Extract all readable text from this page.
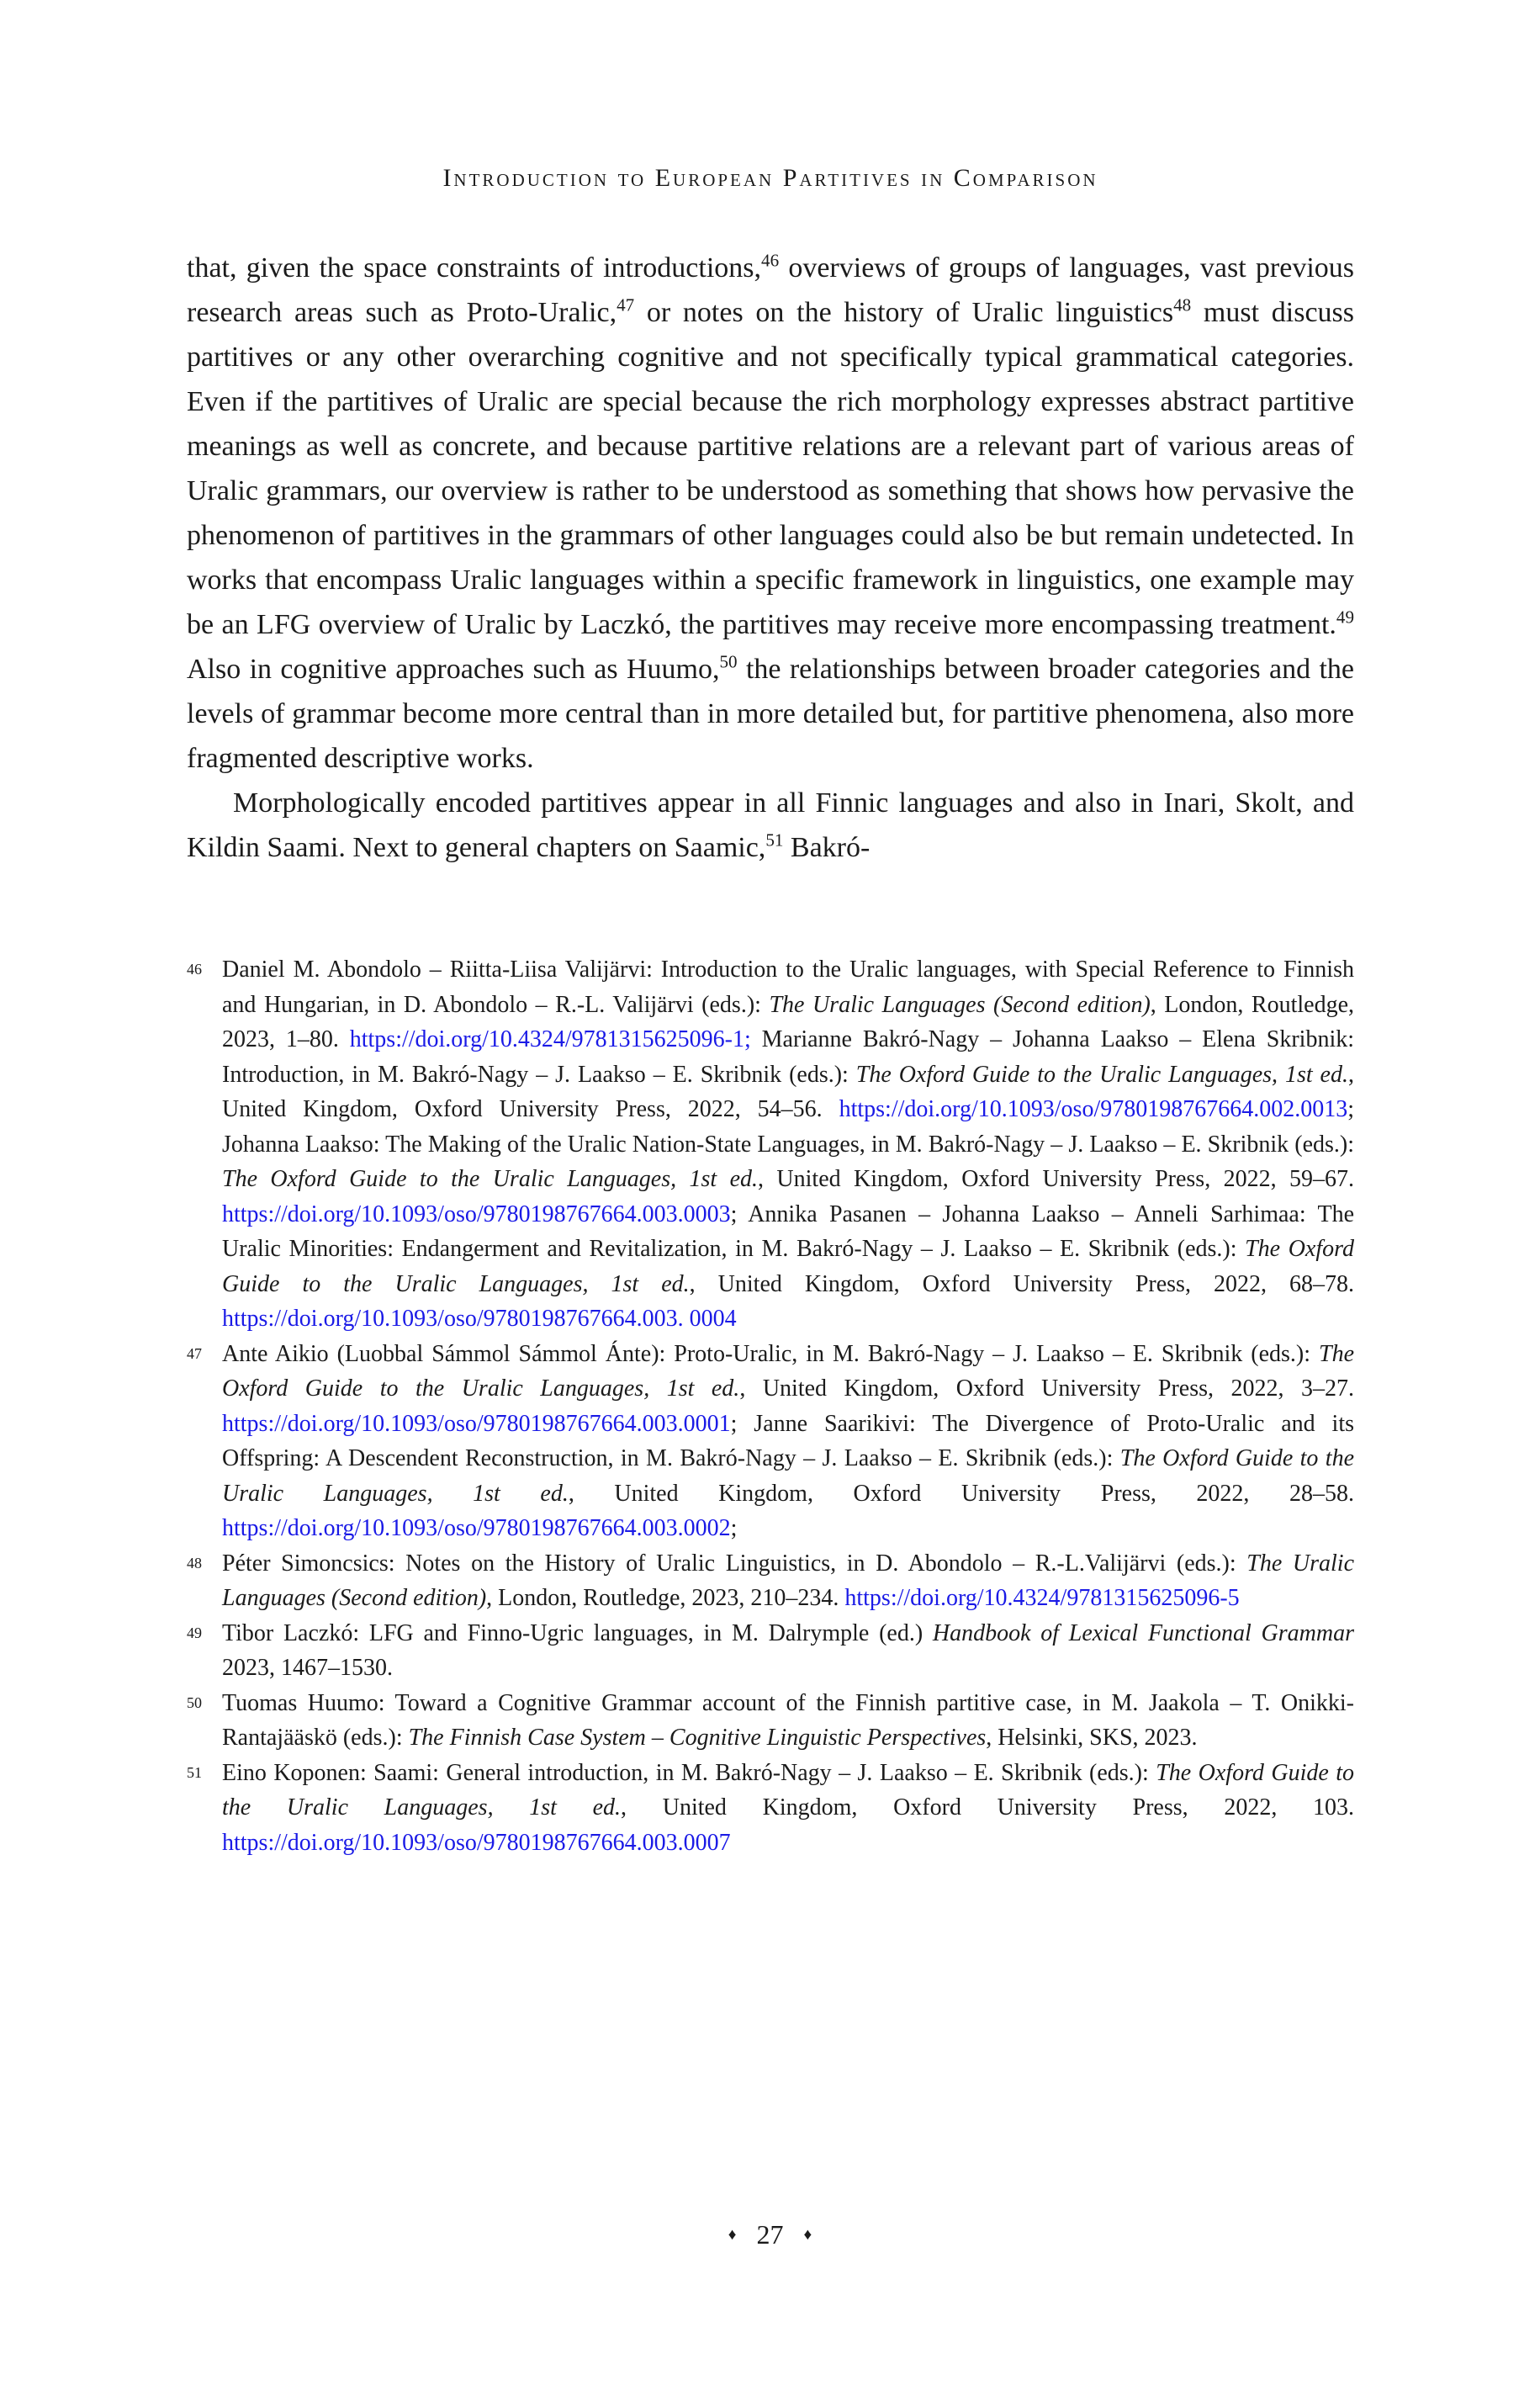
Introduction to European Partitives in Comparison

that, given the space constraints of introductions,$^{46}$ overviews of groups of languages, vast previous research areas such as Proto-Uralic,$^{47}$ or notes on the history of Uralic linguistics$^{48}$ must discuss partitives or any other overarching cognitive and not specifically typical grammatical categories. Even if the partitives of Uralic are special because the rich morphology expresses abstract partitive meanings as well as concrete, and because partitive relations are a relevant part of various areas of Uralic grammars, our overview is rather to be understood as something that shows how pervasive the phenomenon of partitives in the grammars of other languages could also be but remain undetected. In works that encompass Uralic languages within a specific framework in linguistics, one example may be an LFG overview of Uralic by Laczkó, the partitives may receive more encompassing treatment.$^{49}$ Also in cognitive approaches such as Huumo,$^{50}$ the relationships between broader categories and the levels of grammar become more central than in more detailed but, for partitive phenomena, also more fragmented descriptive works.

Morphologically encoded partitives appear in all Finnic languages and also in Inari, Skolt, and Kildin Saami. Next to general chapters on Saamic,$^{51}$ Bakró-

46 Daniel M. Abondolo – Riitta-Liisa Valijärvi: Introduction to the Uralic languages, with Special Reference to Finnish and Hungarian, in D. Abondolo – R.-L. Valijärvi (eds.): The Uralic Languages (Second edition), London, Routledge, 2023, 1–80. https://doi.org/10.4324/9781315625096-1; Marianne Bakró-Nagy – Johanna Laakso – Elena Skribnik: Introduction, in M. Bakró-Nagy – J. Laakso – E. Skribnik (eds.): The Oxford Guide to the Uralic Languages, 1st ed., United Kingdom, Oxford University Press, 2022, 54–56. https://doi.org/10.1093/oso/9780198767664.002.0013; Johanna Laakso: The Making of the Uralic Nation-State Languages, in M. Bakró-Nagy – J. Laakso – E. Skribnik (eds.): The Oxford Guide to the Uralic Languages, 1st ed., United Kingdom, Oxford University Press, 2022, 59–67. https://doi.org/10.1093/oso/9780198767664.003.0003; Annika Pasanen – Johanna Laakso – Anneli Sarhimaa: The Uralic Minorities: Endangerment and Revitalization, in M. Bakró-Nagy – J. Laakso – E. Skribnik (eds.): The Oxford Guide to the Uralic Languages, 1st ed., United Kingdom, Oxford University Press, 2022, 68–78. https://doi.org/10.1093/oso/9780198767664.003. 0004
47 Ante Aikio (Luobbal Sámmol Sámmol Ánte): Proto-Uralic, in M. Bakró-Nagy – J. Laakso – E. Skribnik (eds.): The Oxford Guide to the Uralic Languages, 1st ed., United Kingdom, Oxford University Press, 2022, 3–27. https://doi.org/10.1093/oso/9780198767664.003.0001; Janne Saarikivi: The Divergence of Proto-Uralic and its Offspring: A Descendent Reconstruction, in M. Bakró-Nagy – J. Laakso – E. Skribnik (eds.): The Oxford Guide to the Uralic Languages, 1st ed., United Kingdom, Oxford University Press, 2022, 28–58. https://doi.org/10.1093/oso/9780198767664.003.0002;
48 Péter Simoncsics: Notes on the History of Uralic Linguistics, in D. Abondolo – R.-L.Valijärvi (eds.): The Uralic Languages (Second edition), London, Routledge, 2023, 210–234. https://doi.org/10.4324/9781315625096-5
49 Tibor Laczkó: LFG and Finno-Ugric languages, in M. Dalrymple (ed.) Handbook of Lexical Functional Grammar 2023, 1467–1530.
50 Tuomas Huumo: Toward a Cognitive Grammar account of the Finnish partitive case, in M. Jaakola – T. Onikki-Rantajääskö (eds.): The Finnish Case System – Cognitive Linguistic Perspectives, Helsinki, SKS, 2023.
51 Eino Koponen: Saami: General introduction, in M. Bakró-Nagy – J. Laakso – E. Skribnik (eds.): The Oxford Guide to the Uralic Languages, 1st ed., United Kingdom, Oxford University Press, 2022, 103. https://doi.org/10.1093/oso/9780198767664.003.0007
♦ 27 ♦
